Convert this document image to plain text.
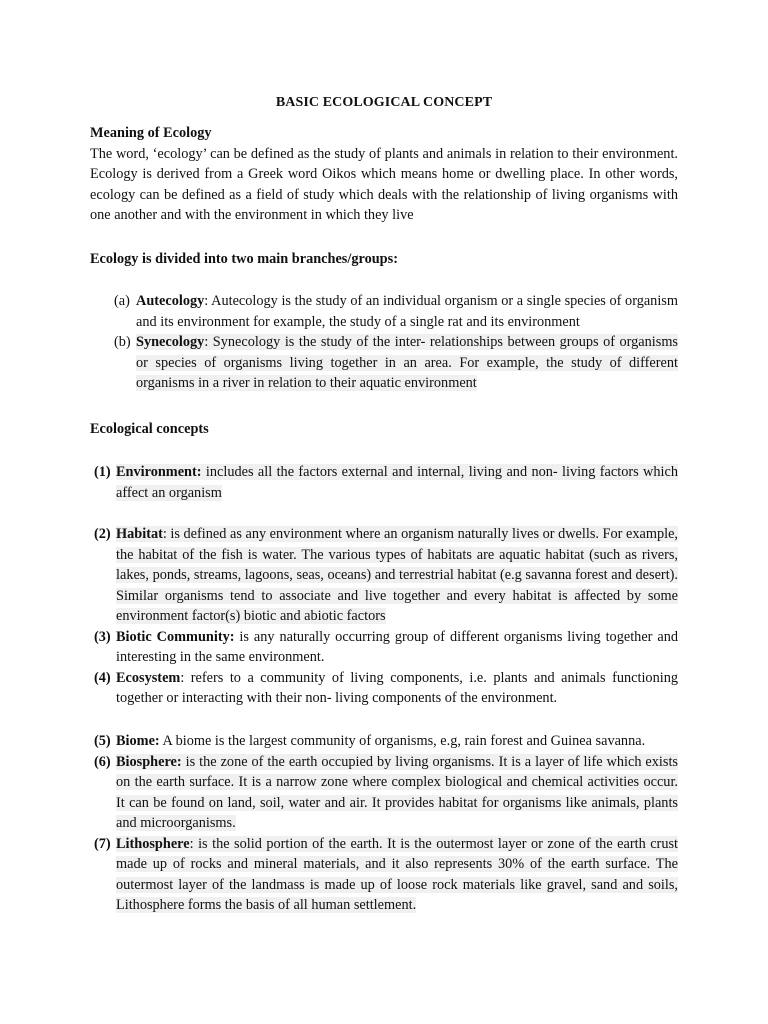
BASIC ECOLOGICAL CONCEPT
Meaning of Ecology
The word, ‘ecology’ can be defined as the study of plants and animals in relation to their environment. Ecology is derived from a Greek word Oikos which means home or dwelling place. In other words, ecology can be defined as a field of study which deals with the relationship of living organisms with one another and with the environment in which they live
Ecology is divided into two main branches/groups:
(a) Autecology: Autecology is the study of an individual organism or a single species of organism and its environment for example, the study of a single rat and its environment
(b) Synecology: Synecology is the study of the inter- relationships between groups of organisms or species of organisms living together in an area. For example, the study of different organisms in a river in relation to their aquatic environment
Ecological concepts
(1) Environment: includes all the factors external and internal, living and non- living factors which affect an organism
(2) Habitat: is defined as any environment where an organism naturally lives or dwells. For example, the habitat of the fish is water. The various types of habitats are aquatic habitat (such as rivers, lakes, ponds, streams, lagoons, seas, oceans) and terrestrial habitat (e.g savanna forest and desert). Similar organisms tend to associate and live together and every habitat is affected by some environment factor(s) biotic and abiotic factors
(3) Biotic Community: is any naturally occurring group of different organisms living together and interesting in the same environment.
(4) Ecosystem: refers to a community of living components, i.e. plants and animals functioning together or interacting with their non- living components of the environment.
(5) Biome: A biome is the largest community of organisms, e.g, rain forest and Guinea savanna.
(6) Biosphere: is the zone of the earth occupied by living organisms. It is a layer of life which exists on the earth surface. It is a narrow zone where complex biological and chemical activities occur. It can be found on land, soil, water and air. It provides habitat for organisms like animals, plants and microorganisms.
(7) Lithosphere: is the solid portion of the earth. It is the outermost layer or zone of the earth crust made up of rocks and mineral materials, and it also represents 30% of the earth surface. The outermost layer of the landmass is made up of loose rock materials like gravel, sand and soils, Lithosphere forms the basis of all human settlement.
